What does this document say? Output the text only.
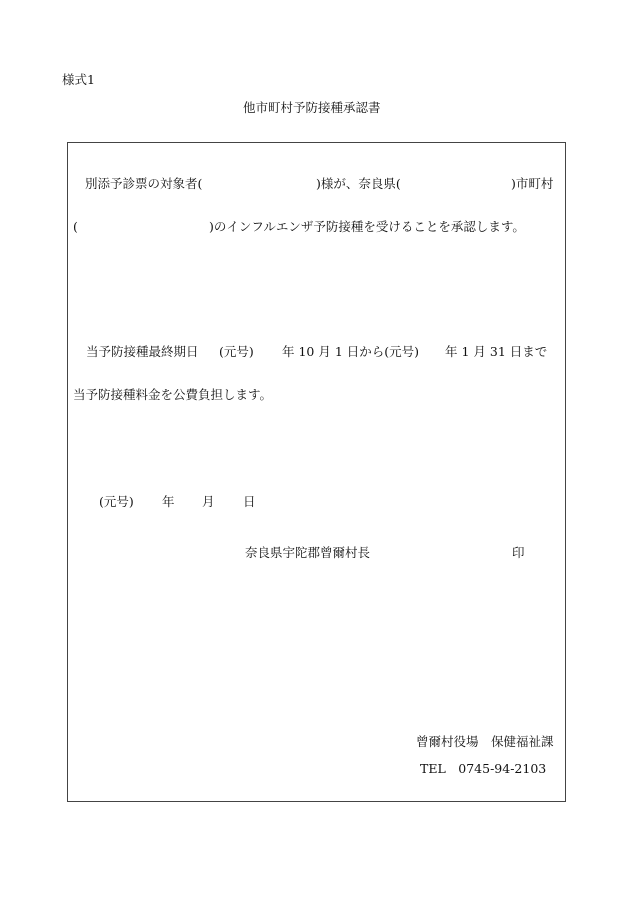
様式1
他市町村予防接種承認書
別添予診票の対象者(	)様が、奈良県(	)市町村
(	)のインフルエンザ予防接種を受けることを承認します。
当予防接種最終期日 (元号) 年 10 月 1 日から(元号) 年 1 月 31 日まで
当予防接種料金を公費負担します。
(元号) 年 月 日
奈良県宇陀郡曾爾村長	印
曾爾村役場　保健福祉課
TEL　0745-94-2103
